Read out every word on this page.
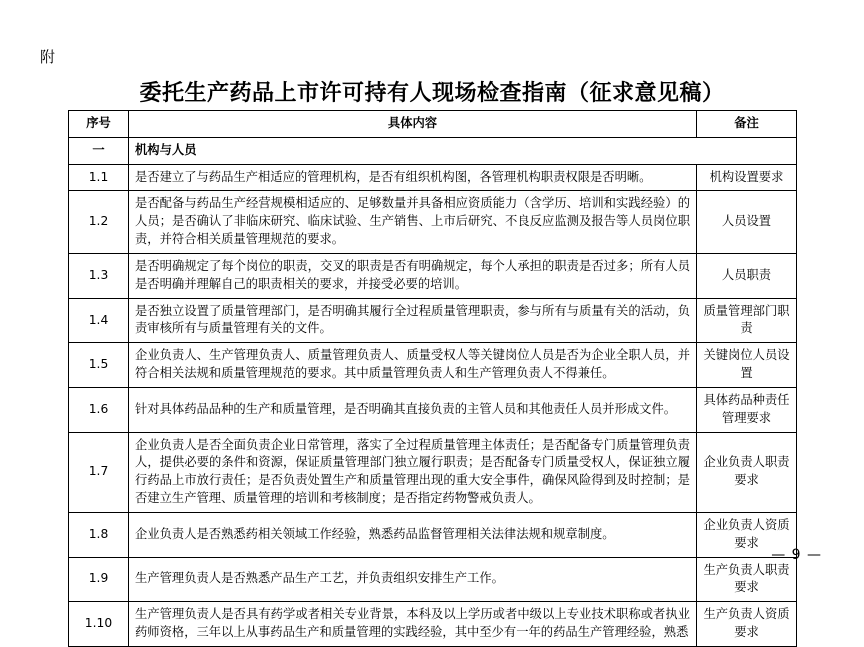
附
委托生产药品上市许可持有人现场检查指南（征求意见稿）
序号	具体内容	备注
一	机构与人员	
1.1	是否建立了与药品生产相适应的管理机构，是否有组织机构图，各管理机构职责权限是否明晰。	机构设置要求
1.2	是否配备与药品生产经营规模相适应的、足够数量并具备相应资质能力（含学历、培训和实践经验）的人员；是否确认了非临床研究、临床试验、生产销售、上市后研究、不良反应监测及报告等人员岗位职责，并符合相关质量管理规范的要求。	人员设置
1.3	是否明确规定了每个岗位的职责，交叉的职责是否有明确规定，每个人承担的职责是否过多；所有人员是否明确并理解自己的职责相关的要求，并接受必要的培训。	人员职责
1.4	是否独立设置了质量管理部门，是否明确其履行全过程质量管理职责，参与所有与质量有关的活动，负责审核所有与质量管理有关的文件。	质量管理部门职责
1.5	企业负责人、生产管理负责人、质量管理负责人、质量受权人等关键岗位人员是否为企业全职人员，并符合相关法规和质量管理规范的要求。其中质量管理负责人和生产管理负责人不得兼任。	关键岗位人员设置
1.6	针对具体药品品种的生产和质量管理，是否明确其直接负责的主管人员和其他责任人员并形成文件。	具体药品种责任管理要求
1.7	企业负责人是否全面负责企业日常管理，落实了全过程质量管理主体责任；是否配备专门质量管理负责人，提供必要的条件和资源，保证质量管理部门独立履行职责；是否配备专门质量受权人，保证独立履行药品上市放行责任；是否负责处置生产和质量管理出现的重大安全事件，确保风险得到及时控制；是否建立生产管理、质量管理的培训和考核制度；是否指定药物警戒负责人。	企业负责人职责要求
1.8	企业负责人是否熟悉药相关领域工作经验，熟悉药品监督管理相关法律法规和规章制度。	企业负责人资质要求
1.9	生产管理负责人是否熟悉产品生产工艺，并负责组织安排生产工作。	生产负责人职责要求
1.10	生产管理负责人是否具有药学或者相关专业背景，本科及以上学历或者中级以上专业技术职称或者执业药师资格，三年以上从事药品生产和质量管理的实践经验，其中至少有一年的药品生产管理经验，熟悉	生产负责人资质要求
— 9 —
